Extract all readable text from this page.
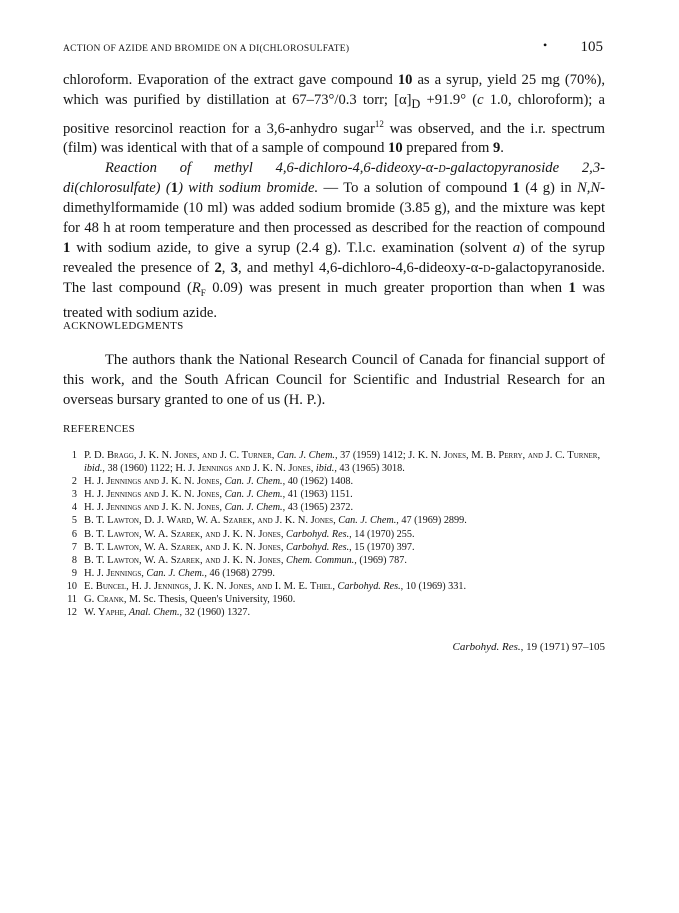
ACTION OF AZIDE AND BROMIDE ON A DI(CHLOROSULFATE)	• 105

chloroform. Evaporation of the extract gave compound 10 as a syrup, yield 25 mg (70%), which was purified by distillation at 67–73°/0.3 torr; $[\alpha]_D +91.9^\circ$ (c 1.0, chloroform); a positive resorcinol reaction for a 3,6-anhydro sugar$^{12}$ was observed, and the i.r. spectrum (film) was identical with that of a sample of compound 10 prepared from 9.

Reaction of methyl 4,6-dichloro-4,6-dideoxy-α-d-galactopyranoside 2,3-di(chlorosulfate) (1) with sodium bromide. — To a solution of compound 1 (4 g) in N,N-dimethylformamide (10 ml) was added sodium bromide (3.85 g), and the mixture was kept for 48 h at room temperature and then processed as described for the reaction of compound 1 with sodium azide, to give a syrup (2.4 g). T.l.c. examination (solvent a) of the syrup revealed the presence of 2, 3, and methyl 4,6-dichloro-4,6-dideoxy-α-d-galactopyranoside. The last compound ($R_F$ 0.09) was present in much greater proportion than when 1 was treated with sodium azide.

ACKNOWLEDGMENTS

The authors thank the National Research Council of Canada for financial support of this work, and the South African Council for Scientific and Industrial Research for an overseas bursary granted to one of us (H. P.).

REFERENCES
1 P. D. Bragg, J. K. N. Jones, and J. C. Turner, Can. J. Chem., 37 (1959) 1412; J. K. N. Jones, M. B. Perry, and J. C. Turner, ibid., 38 (1960) 1122; H. J. Jennings and J. K. N. Jones, ibid., 43 (1965) 3018.
2 H. J. Jennings and J. K. N. Jones, Can. J. Chem., 40 (1962) 1408.
3 H. J. Jennings and J. K. N. Jones, Can. J. Chem., 41 (1963) 1151.
4 H. J. Jennings and J. K. N. Jones, Can. J. Chem., 43 (1965) 2372.
5 B. T. Lawton, D. J. Ward, W. A. Szarek, and J. K. N. Jones, Can. J. Chem., 47 (1969) 2899.
6 B. T. Lawton, W. A. Szarek, and J. K. N. Jones, Carbohyd. Res., 14 (1970) 255.
7 B. T. Lawton, W. A. Szarek, and J. K. N. Jones, Carbohyd. Res., 15 (1970) 397.
8 B. T. Lawton, W. A. Szarek, and J. K. N. Jones, Chem. Commun., (1969) 787.
9 H. J. Jennings, Can. J. Chem., 46 (1968) 2799.
10 E. Buncel, H. J. Jennings, J. K. N. Jones, and I. M. E. Thiel, Carbohyd. Res., 10 (1969) 331.
11 G. Crank, M. Sc. Thesis, Queen's University, 1960.
12 W. Yaphe, Anal. Chem., 32 (1960) 1327.
Carbohyd. Res., 19 (1971) 97–105
